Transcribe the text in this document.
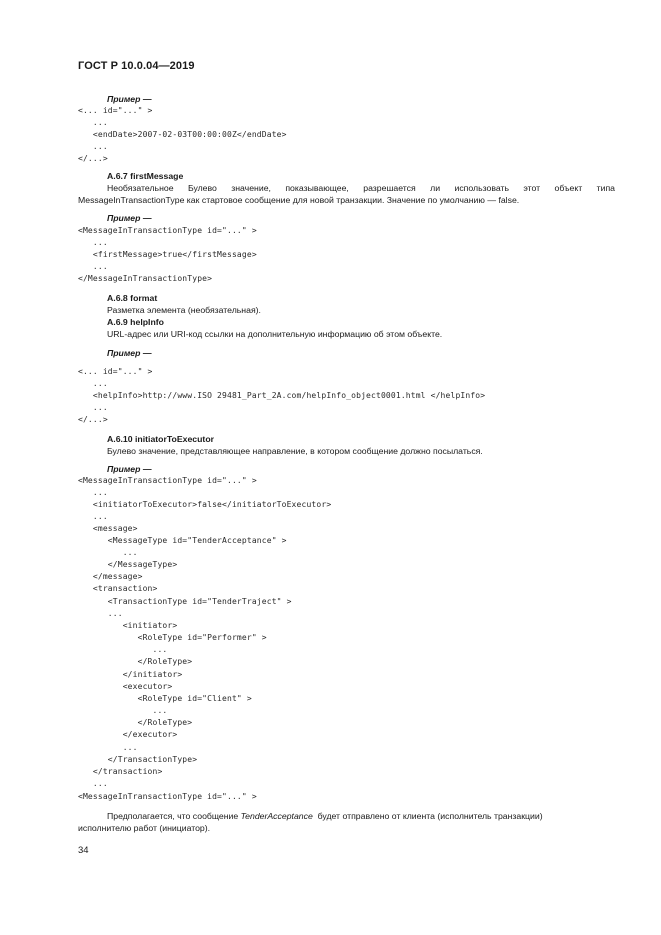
ГОСТ Р 10.0.04—2019
Пример —
<... id="..." >
...
<endDate>2007-02-03T00:00:00Z</endDate>
...
</...>
A.6.7 firstMessage
Необязательное Булево значение, показывающее, разрешается ли использовать этот объект типа
MessageInTransactionType как стартовое сообщение для новой транзакции. Значение по умолчанию — false.
Пример —
<MessageInTransactionType id="..." >
...
<firstMessage>true</firstMessage>
...
</MessageInTransactionType>
A.6.8 format
Разметка элемента (необязательная).
A.6.9 helpInfo
URL-адрес или URI-код ссылки на дополнительную информацию об этом объекте.
Пример —
<... id="..." >
...
<helpInfo>http://www.ISO 29481_Part_2A.com/helpInfo_object0001.html </helpInfo>
...
</...>
A.6.10 initiatorToExecutor
Булево значение, представляющее направление, в котором сообщение должно посылаться.
Пример —
<MessageInTransactionType id="..." >
...
<initiatorToExecutor>false</initiatorToExecutor>
...
<message>
<MessageType id="TenderAcceptance" >
...
</MessageType>
</message>
<transaction>
<TransactionType id="TenderTraject" >
...
<initiator>
<RoleType id="Performer" >
...
</RoleType>
</initiator>
<executor>
<RoleType id="Client" >
...
</RoleType>
</executor>
...
</TransactionType>
</transaction>
...
<MessageInTransactionType id="..." >
Предполагается, что сообщение TenderAcceptance  будет отправлено от клиента (исполнитель транзакции)
исполнителю работ (инициатор).
34
